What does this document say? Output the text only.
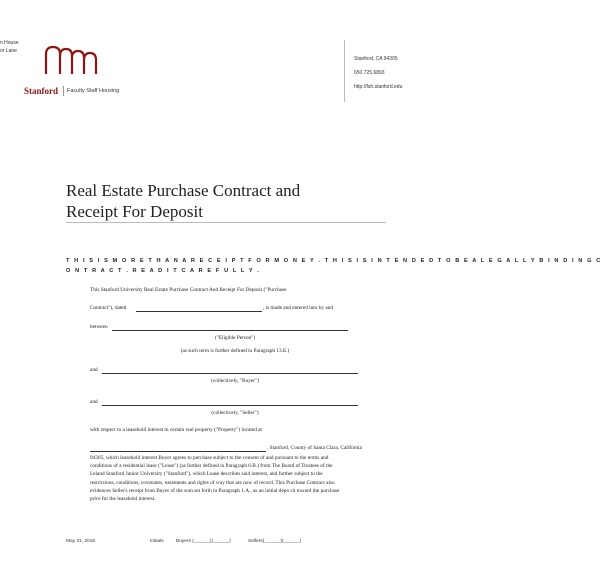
n House
or Lane
Stanford Faculty Staff Housing
Stanford, CA 94305
650.725.6893
http://fsh.stanford.edu
Real Estate Purchase Contract and
Receipt For Deposit
T H I S I S M O R E T H A N A R E C E I P T F O R M O N E Y . T H I S I S I N T E N D E D T O B E A L E G A L L Y B I N D I N G C
O N T R A C T . R E A D I T C A R E F U L L Y .
This Stanford University Real Estate Purchase Contract And Receipt For Deposit ("Purchase
Contract"), dated	, is made and entered into by and
between
("Eligible Person")
(as such term is further defined in Paragraph 13.E.)
and
(collectively, "Buyer")
and
(collectively, "Seller")
with respect to a leasehold interest in certain real property ("Property") located at
, Stanford, County of Santa Clara, California
94305, which leasehold interest Buyer agrees to purchase subject to the consent of and pursuant to the terms and
conditions of a residential lease ("Lease") (as further defined in Paragraph 6.B.) from The Board of Trustees of the
Leland Stanford Junior University ("Stanford"), which Lease describes said interest, and further subject to the
restrictions, conditions, covenants, easements and rights of way that are now of record. This Purchase Contract also
evidences Seller's receipt from Buyer of the sum set forth in Paragraph 1.A., as an initial depo sit toward the purchase
price for the leasehold interest.
May 31, 2016	Initials	Buyers (______)(______)	Sellers(______)(______)
